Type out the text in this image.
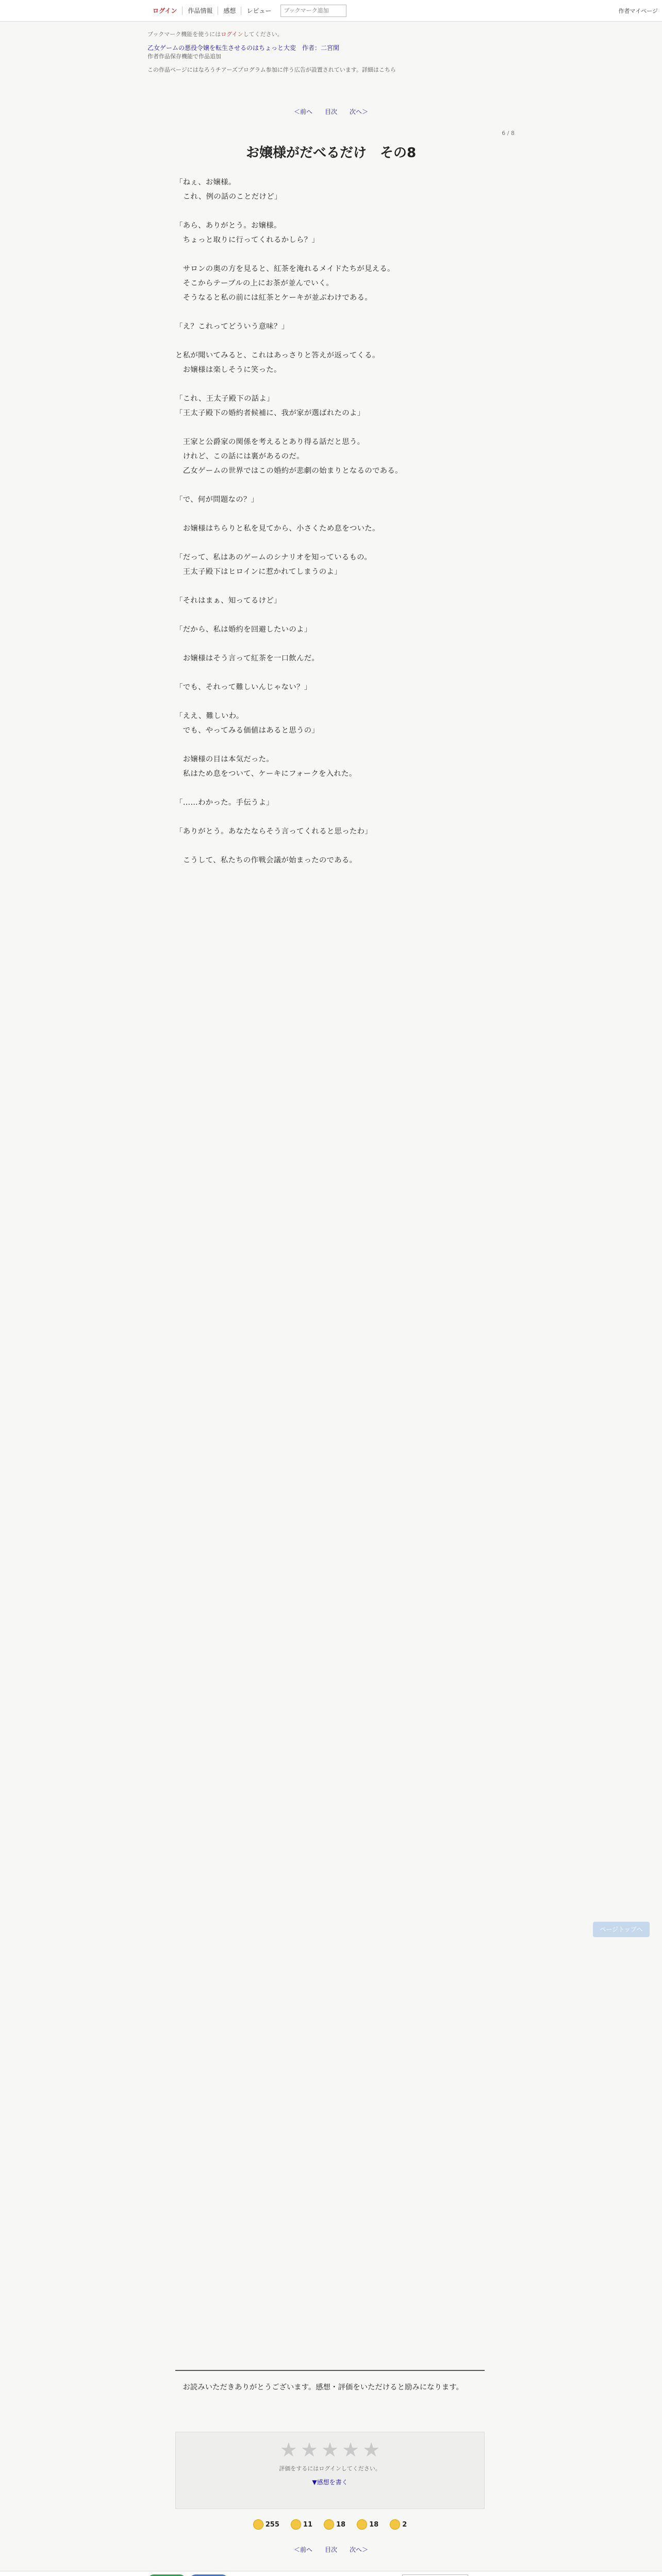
ログイン	作品情報	感想	レビュー
ブックマーク追加	作者マイページ
ブックマーク機能を使うにはログインしてください。
乙女ゲームの悪役令嬢を転生させるのはちょっと大変　作者：二宮閑
作者作品保存機能で作品追加
この作品ページにはなろうチアーズプログラム参加に伴う広告が設置されています。詳細はこちら
＜前へ 目次 次へ＞
6 / 8
お嬢様がだべるだけ　その8

「ねぇ、お嬢様。

　これ、例の話のことだけど」

「あら、ありがとう。お嬢様。

　ちょっと取りに行ってくれるかしら？」

　サロンの奥の方を見ると、紅茶を淹れるメイドたちが見える。

　そこからテーブルの上にお茶が並んでいく。

　そうなると私の前には紅茶とケーキが並ぶわけである。

「え？これってどういう意味？」

と私が聞いてみると、これはあっさりと答えが返ってくる。

　お嬢様は楽しそうに笑った。

「これ、王太子殿下の話よ」

「王太子殿下の婚約者候補に、我が家が選ばれたのよ」

　王家と公爵家の関係を考えるとあり得る話だと思う。

　けれど、この話には裏があるのだ。

　乙女ゲームの世界ではこの婚約が悲劇の始まりとなるのである。

「で、何が問題なの？」

　お嬢様はちらりと私を見てから、小さくため息をついた。

「だって、私はあのゲームのシナリオを知っているもの。

　王太子殿下はヒロインに惹かれてしまうのよ」

「それはまぁ、知ってるけど」

「だから、私は婚約を回避したいのよ」

　お嬢様はそう言って紅茶を一口飲んだ。

「でも、それって難しいんじゃない？」

「ええ、難しいわ。

　でも、やってみる価値はあると思うの」

　お嬢様の目は本気だった。

　私はため息をついて、ケーキにフォークを入れた。

「……わかった。手伝うよ」

「ありがとう。あなたならそう言ってくれると思ったわ」

　こうして、私たちの作戦会議が始まったのである。

　お読みいただきありがとうございます。感想・評価をいただけると励みになります。
★ ★ ★ ★ ★
評価をするにはログインしてください。
▼感想を書く
255	11	18	18	2
＜前へ 目次 次へ＞
ブックマーク追加
ページトップへ
